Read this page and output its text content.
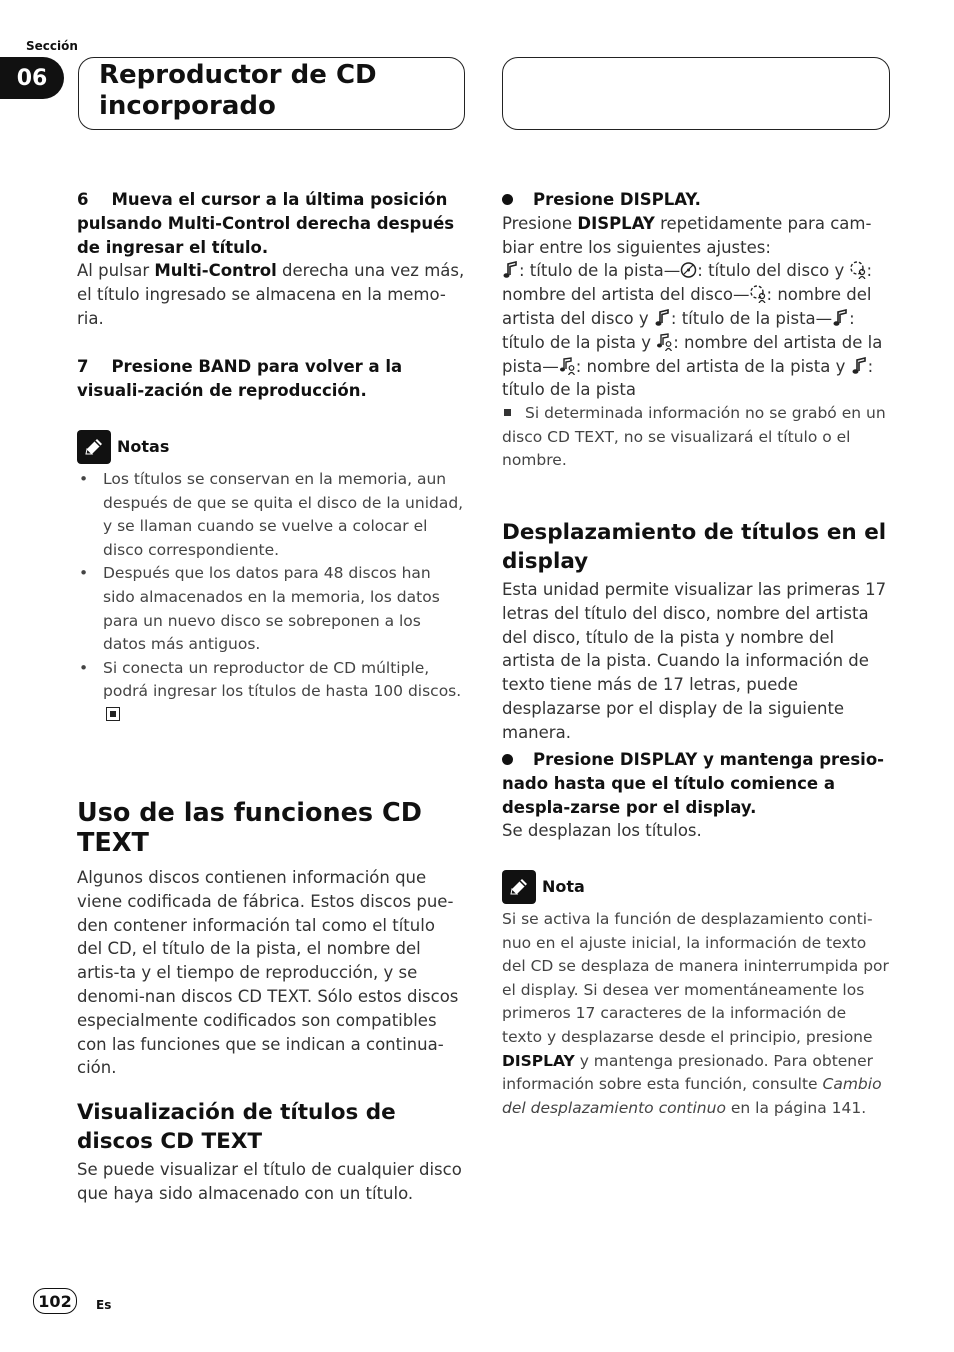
Sección
06	Reproductor de CD incorporado

6 Mueva el cursor a la última posición pulsando Multi-Control derecha después de ingresar el título.

Al pulsar Multi-Control derecha una vez más, el título ingresado se almacena en la memo-ria.

7 Presione BAND para volver a la visuali-zación de reproducción.

Notas
• Los títulos se conservan en la memoria, aun después de que se quita el disco de la unidad, y se llaman cuando se vuelve a colocar el disco correspondiente.
• Después que los datos para 48 discos han sido almacenados en la memoria, los datos para un nuevo disco se sobreponen a los datos más antiguos.
• Si conecta un reproductor de CD múltiple, podrá ingresar los títulos de hasta 100 discos.

Uso de las funciones CD TEXT

Algunos discos contienen información que viene codificada de fábrica. Estos discos pue-den contener información tal como el título del CD, el título de la pista, el nombre del artis-ta y el tiempo de reproducción, y se denomi-nan discos CD TEXT. Sólo estos discos especialmente codificados son compatibles con las funciones que se indican a continua-ción.

Visualización de títulos de discos CD TEXT

Se puede visualizar el título de cualquier disco que haya sido almacenado con un título.

Presione DISPLAY.

Presione DISPLAY repetidamente para cam-biar entre los siguientes ajustes:

: título de la pista— : título del disco y : nombre del artista del disco— : nombre del artista del disco y : título de la pista— : título de la pista y : nombre del artista de la pista— : nombre del artista de la pista y : título de la pista

Si determinada información no se grabó en un disco CD TEXT, no se visualizará el título o el nombre.

Desplazamiento de títulos en el display

Esta unidad permite visualizar las primeras 17 letras del título del disco, nombre del artista del disco, título de la pista y nombre del artista de la pista. Cuando la información de texto tiene más de 17 letras, puede desplazarse por el display de la siguiente manera.

Presione DISPLAY y mantenga presio-nado hasta que el título comience a despla-zarse por el display.

Se desplazan los títulos.

Nota

Si se activa la función de desplazamiento conti-nuo en el ajuste inicial, la información de texto del CD se desplaza de manera ininterrumpida por el display. Si desea ver momentáneamente los primeros 17 caracteres de la información de texto y desplazarse desde el principio, presione DISPLAY y mantenga presionado. Para obtener información sobre esta función, consulte Cambio del desplazamiento continuo en la página 141.

102	Es
